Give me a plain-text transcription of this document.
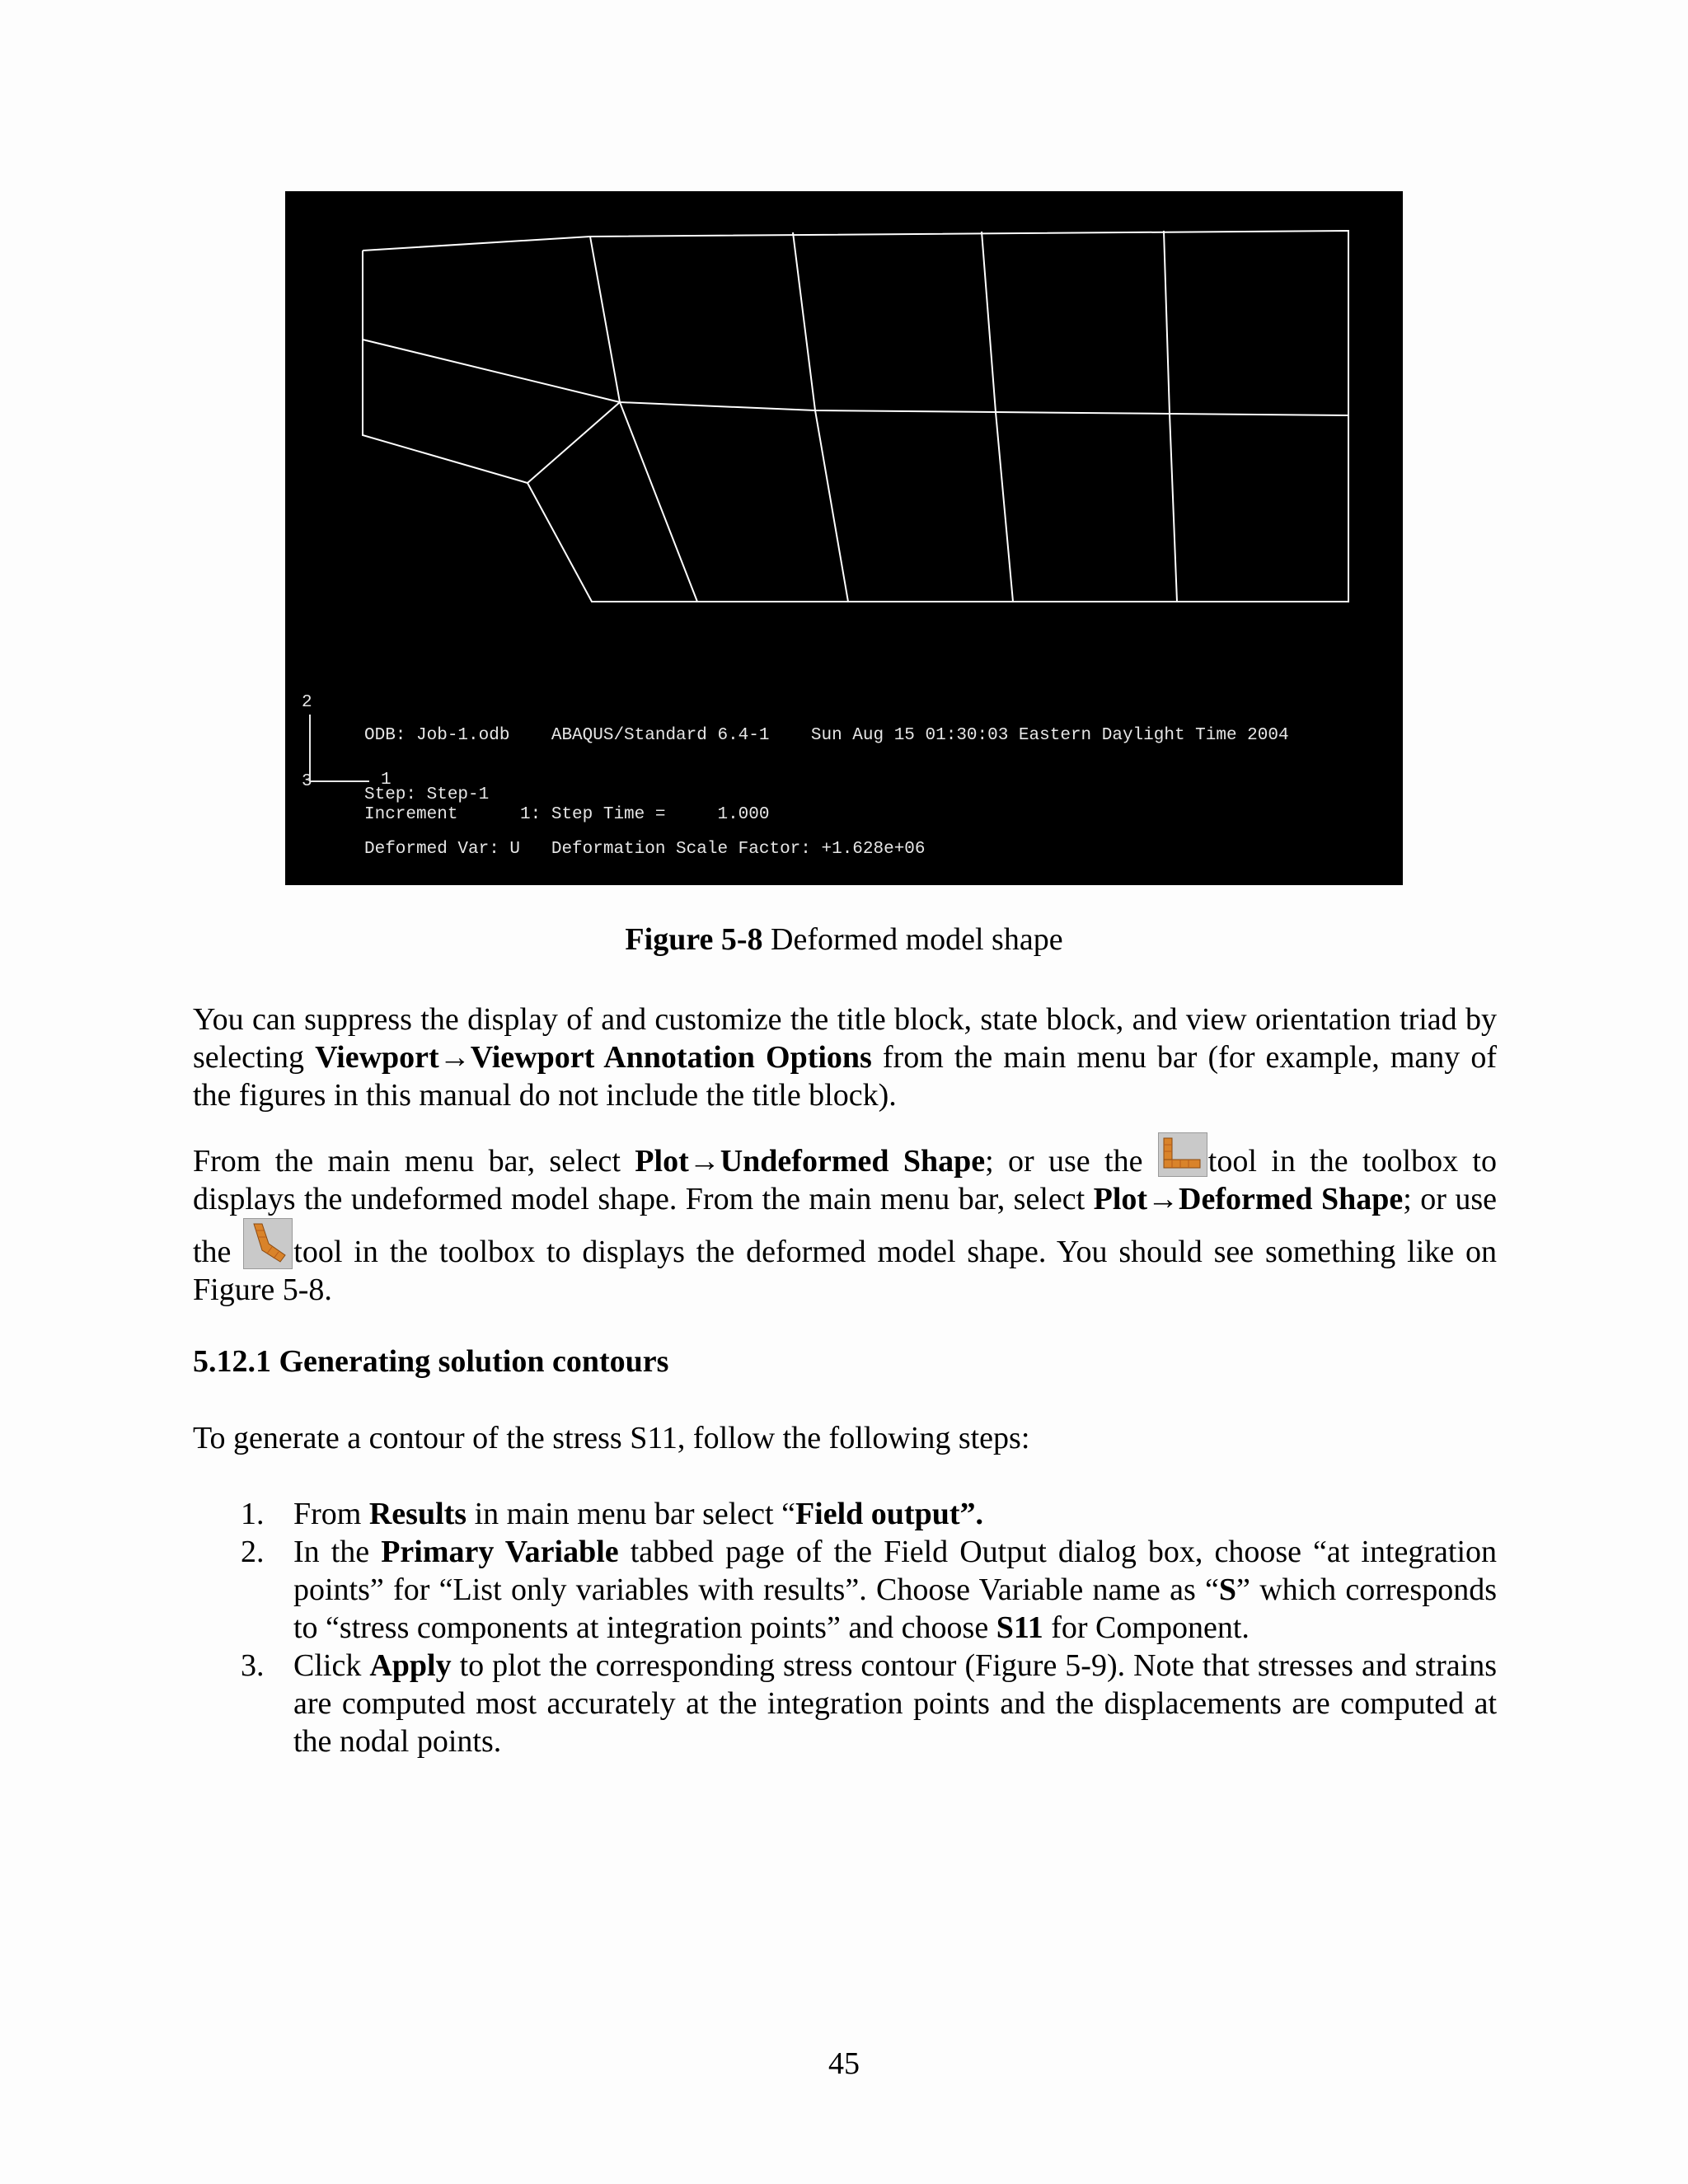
2
3	1
ODB: Job-1.odb    ABAQUS/Standard 6.4-1    Sun Aug 15 01:30:03 Eastern Daylight Time 2004
Step: Step-1
Increment      1: Step Time =     1.000
Deformed Var: U   Deformation Scale Factor: +1.628e+06
Figure 5-8 Deformed model shape
You can suppress the display of and customize the title block, state block, and view orientation triad by selecting Viewport→Viewport Annotation Options from the main menu bar (for example, many of the figures in this manual do not include the title block).
From the main menu bar, select Plot→Undeformed Shape; or use the tool in the toolbox to displays the undeformed model shape. From the main menu bar, select Plot→Deformed Shape; or use the tool in the toolbox to displays the deformed model shape. You should see something like on Figure 5-8.
5.12.1 Generating solution contours
To generate a contour of the stress S11, follow the following steps:
1. From Results in main menu bar select “Field output”.
2. In the Primary Variable tabbed page of the Field Output dialog box, choose “at integration points” for “List only variables with results”. Choose Variable name as “S” which corresponds to “stress components at integration points” and choose S11 for Component.
3. Click Apply to plot the corresponding stress contour (Figure 5-9). Note that stresses and strains are computed most accurately at the integration points and the displacements are computed at the nodal points.
45
